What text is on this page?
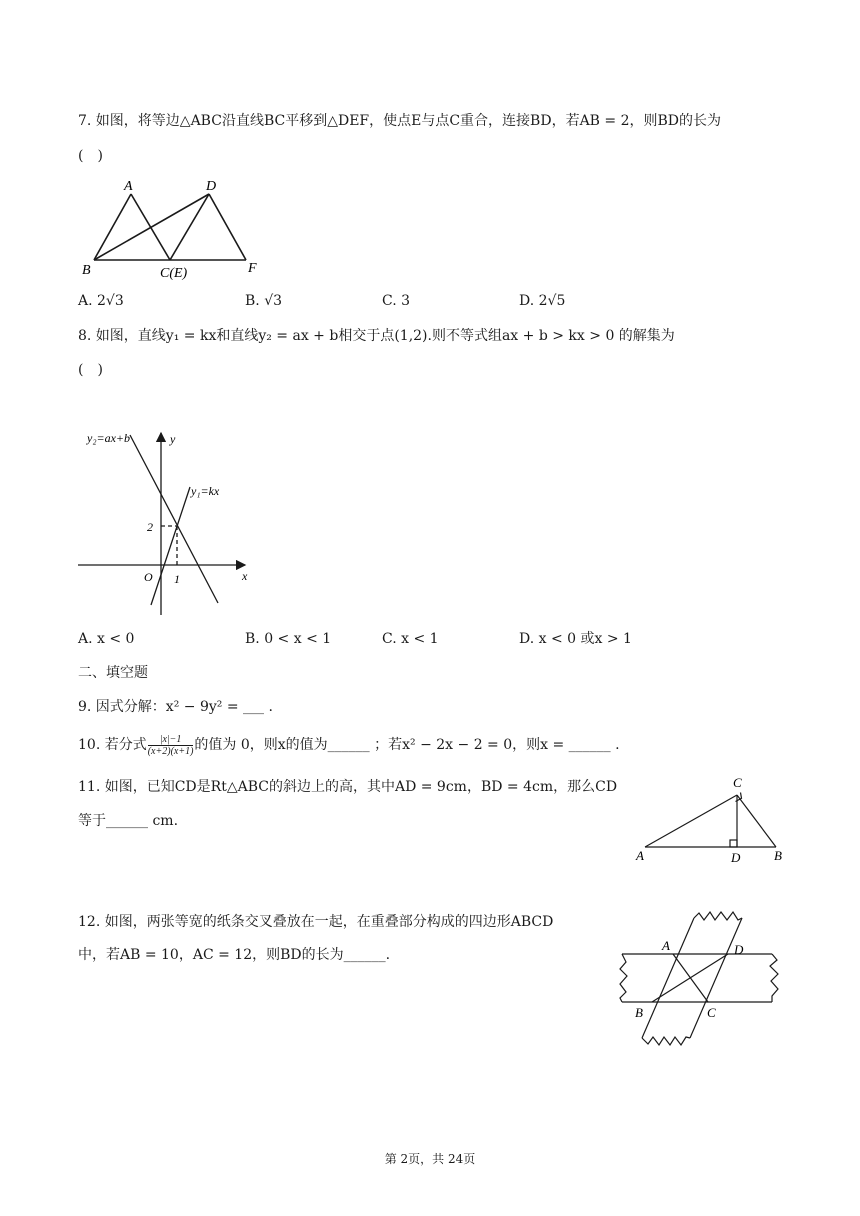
7. 如图，将等边△ABC沿直线BC平移到△DEF，使点E与点C重合，连接BD，若AB = 2，则BD的长为
(　)
A	D
B	C(E)	F
A. 2√3	B. √3	C. 3	D. 2√5
8. 如图，直线y₁ = kx和直线y₂ = ax + b相交于点(1,2).则不等式组ax + b > kx > 0 的解集为
(　)
y₂=ax+b	y
y₁=kx
2
O 1	x
A. x < 0	B. 0 < x < 1	C. x < 1	D. x < 0 或x > 1
二、填空题
9. 因式分解：x² − 9y² = ___ .
10. 若分式 $\frac{|x|-1}{(x+2)(x+1)}$ 的值为 0，则x的值为______ ；若x² − 2x − 2 = 0，则x = ______ .
11. 如图，已知CD是Rt△ABC的斜边上的高，其中AD = 9cm，BD = 4cm，那么CD
等于______ cm.
C
A	D	B
12. 如图，两张等宽的纸条交叉叠放在一起，在重叠部分构成的四边形ABCD
中，若AB = 10，AC = 12，则BD的长为______.
A	D
B	C
第 2页，共 24页
